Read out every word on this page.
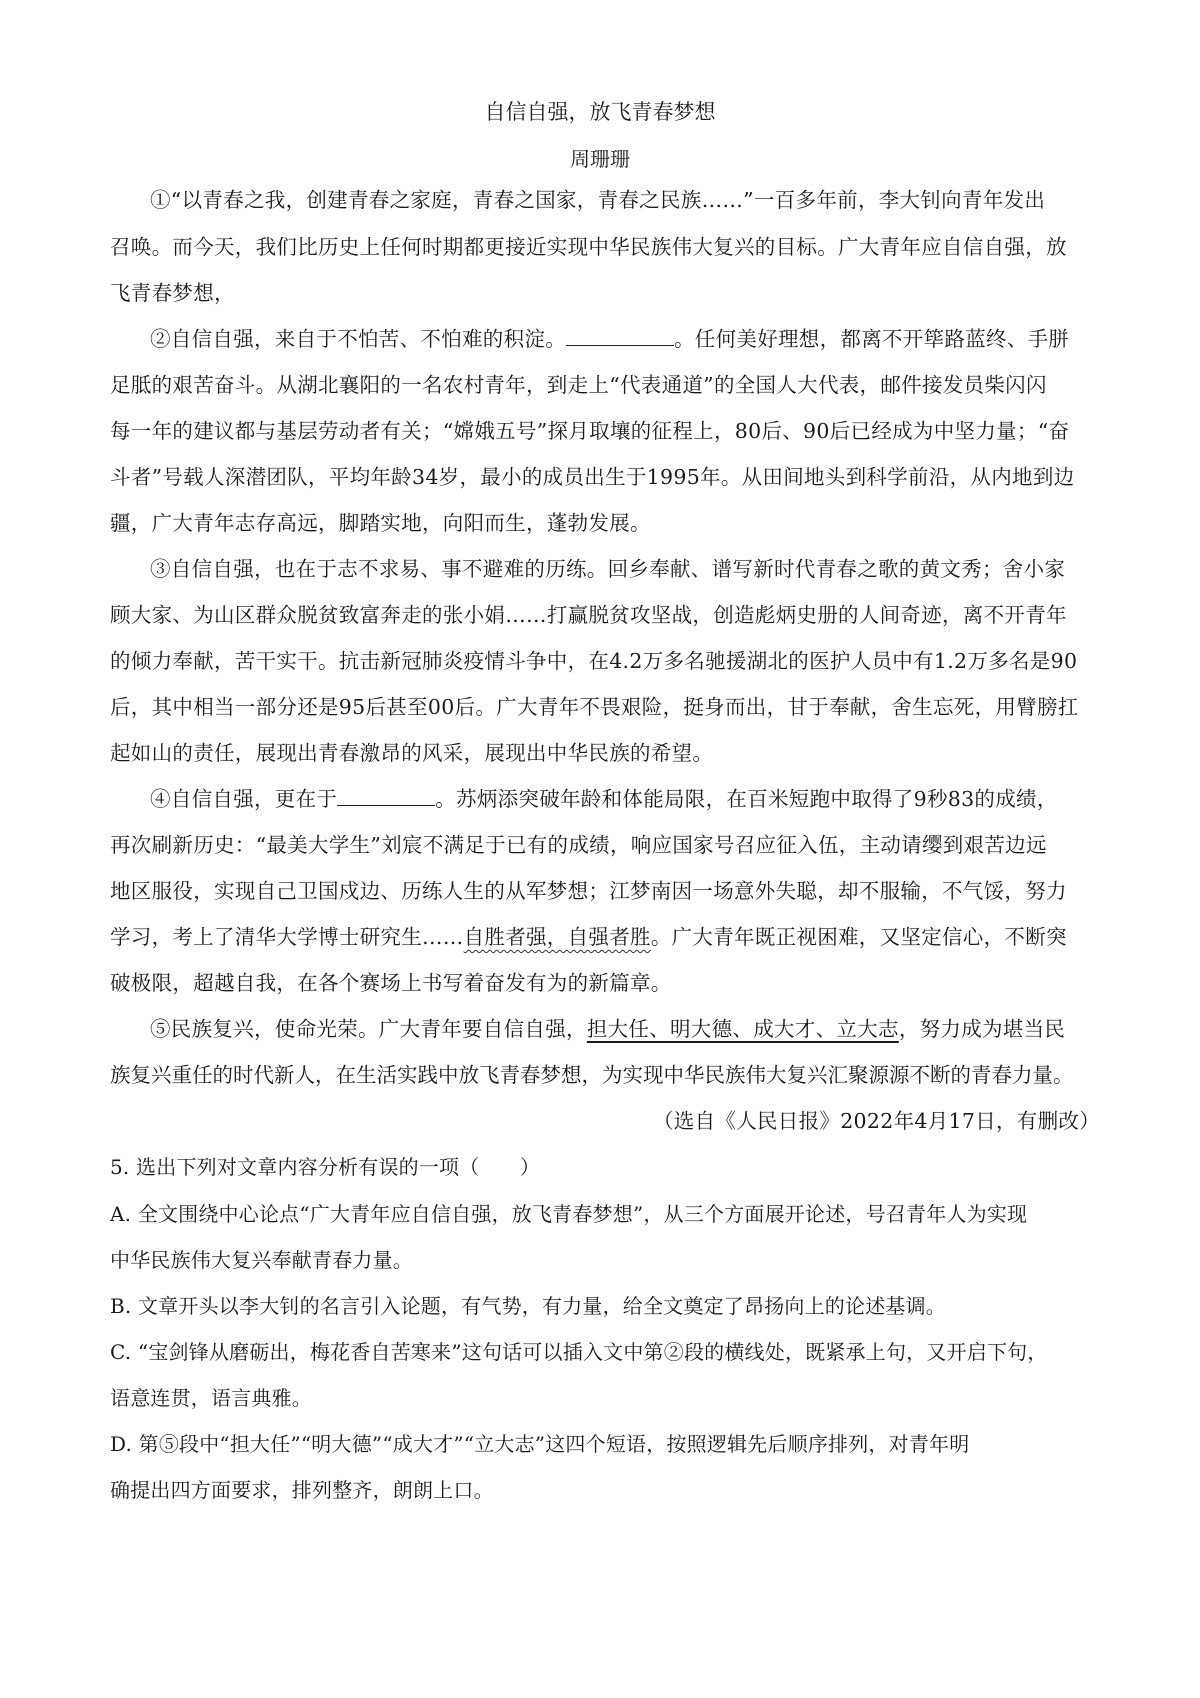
自信自强，放飞青春梦想
周珊珊
①“以青春之我，创建青春之家庭，青春之国家，青春之民族……”一百多年前，李大钊向青年发出
召唤。而今天，我们比历史上任何时期都更接近实现中华民族伟大复兴的目标。广大青年应自信自强，放
飞青春梦想，
②自信自强，来自于不怕苦、不怕难的积淀。	。任何美好理想，都离不开筚路蓝终、手胼
足胝的艰苦奋斗。从湖北襄阳的一名农村青年，到走上“代表通道”的全国人大代表，邮件接发员柴闪闪
每一年的建议都与基层劳动者有关；“嫦娥五号”探月取壤的征程上，80后、90后已经成为中坚力量；“奋
斗者”号载人深潜团队，平均年龄34岁，最小的成员出生于1995年。从田间地头到科学前沿，从内地到边
疆，广大青年志存高远，脚踏实地，向阳而生，蓬勃发展。
③自信自强，也在于志不求易、事不避难的历练。回乡奉献、谱写新时代青春之歌的黄文秀；舍小家
顾大家、为山区群众脱贫致富奔走的张小娟……打赢脱贫攻坚战，创造彪炳史册的人间奇迹，离不开青年
的倾力奉献，苦干实干。抗击新冠肺炎疫情斗争中，在4.2万多名驰援湖北的医护人员中有1.2万多名是90
后，其中相当一部分还是95后甚至00后。广大青年不畏艰险，挺身而出，甘于奉献，舍生忘死，用臂膀扛
起如山的责任，展现出青春激昂的风采，展现出中华民族的希望。
④自信自强，更在于	。苏炳添突破年龄和体能局限，在百米短跑中取得了9秒83的成绩，
再次刷新历史：“最美大学生”刘宸不满足于已有的成绩，响应国家号召应征入伍，主动请缨到艰苦边远
地区服役，实现自己卫国戍边、历练人生的从军梦想；江梦南因一场意外失聪，却不服输，不气馁，努力
学习，考上了清华大学博士研究生……自胜者强，自强者胜。广大青年既正视困难，又坚定信心，不断突
破极限，超越自我，在各个赛场上书写着奋发有为的新篇章。
⑤民族复兴，使命光荣。广大青年要自信自强，担大任、明大德、成大才、立大志，努力成为堪当民
族复兴重任的时代新人，在生活实践中放飞青春梦想，为实现中华民族伟大复兴汇聚源源不断的青春力量。
（选自《人民日报》2022年4月17日，有删改）
5. 选出下列对文章内容分析有误的一项（　　）
A. 全文围绕中心论点“广大青年应自信自强，放飞青春梦想”，从三个方面展开论述，号召青年人为实现
中华民族伟大复兴奉献青春力量。
B. 文章开头以李大钊的名言引入论题，有气势，有力量，给全文奠定了昂扬向上的论述基调。
C. “宝剑锋从磨砺出，梅花香自苦寒来”这句话可以插入文中第②段的横线处，既紧承上句，又开启下句，
语意连贯，语言典雅。
D. 第⑤段中“担大任”“明大德”“成大才”“立大志”这四个短语，按照逻辑先后顺序排列，对青年明
确提出四方面要求，排列整齐，朗朗上口。
